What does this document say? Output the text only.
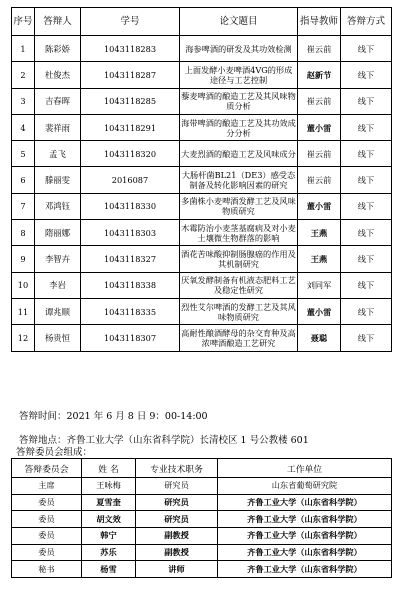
序号	答辩人	学号	论文题目	指导教师	答辩方式
1	陈彩娇	1043118283	海参啤酒的研发及其功效检测	崔云前	线下
2	杜俊杰	1043118287	上面发酵小麦啤酒4VG的形成途径与工艺控制	赵新节	线下
3	吉春晖	1043118285	藜麦啤酒的酿造工艺及其风味物质分析	崔云前	线下
4	裴祥雨	1043118291	海带啤酒的酿造工艺及其功效成分分析	董小雷	线下
5	孟飞	1043118320	大麦烈酒的酿造工艺及风味成分	崔云前	线下
6	滕丽雯	2016087	大肠杆菌BL21（DE3）感受态制备及转化影响因素的研究	崔云前	线下
7	邓鸿钰	1043118330	多菌株小麦啤酒发酵工艺及风味物质研究	董小雷	线下
8	隋丽娜	1043118303	木霉防治小麦茎基腐病及对小麦土壤微生物群落的影响	王燕	线下
9	李智卉	1043118327	酒花苦味酸抑制肠腺癌的作用及其机制研究	王燕	线下
10	李岩	1043118338	厌氧发酵制备有机液态肥料工艺及稳定性研究	刘同军	线下
11	谭兆顺	1043118335	烈性艾尔啤酒的发酵工艺及其风味物质研究	董小雷	线下
12	杨贵恒	1043118307	高耐性酿酒酵母的杂交育种及高浓啤酒酿造工艺研究	聂聪	线下
答辩时间：2021 年 6 月 8 日 9：00-14:00
答辩地点：齐鲁工业大学（山东省科学院）长清校区 1 号公教楼 601
答辩委员会组成：
答辩委员会	姓 名	专业技术职务	工作单位
主席	王咏梅	研究员	山东省葡萄研究院
委员	夏雪奎	研究员	齐鲁工业大学（山东省科学院）
委员	胡文效	研究员	齐鲁工业大学（山东省科学院）
委员	韩宁	副教授	齐鲁工业大学（山东省科学院）
委员	苏乐	副教授	齐鲁工业大学（山东省科学院）
秘书	杨雪	讲师	齐鲁工业大学（山东省科学院）
